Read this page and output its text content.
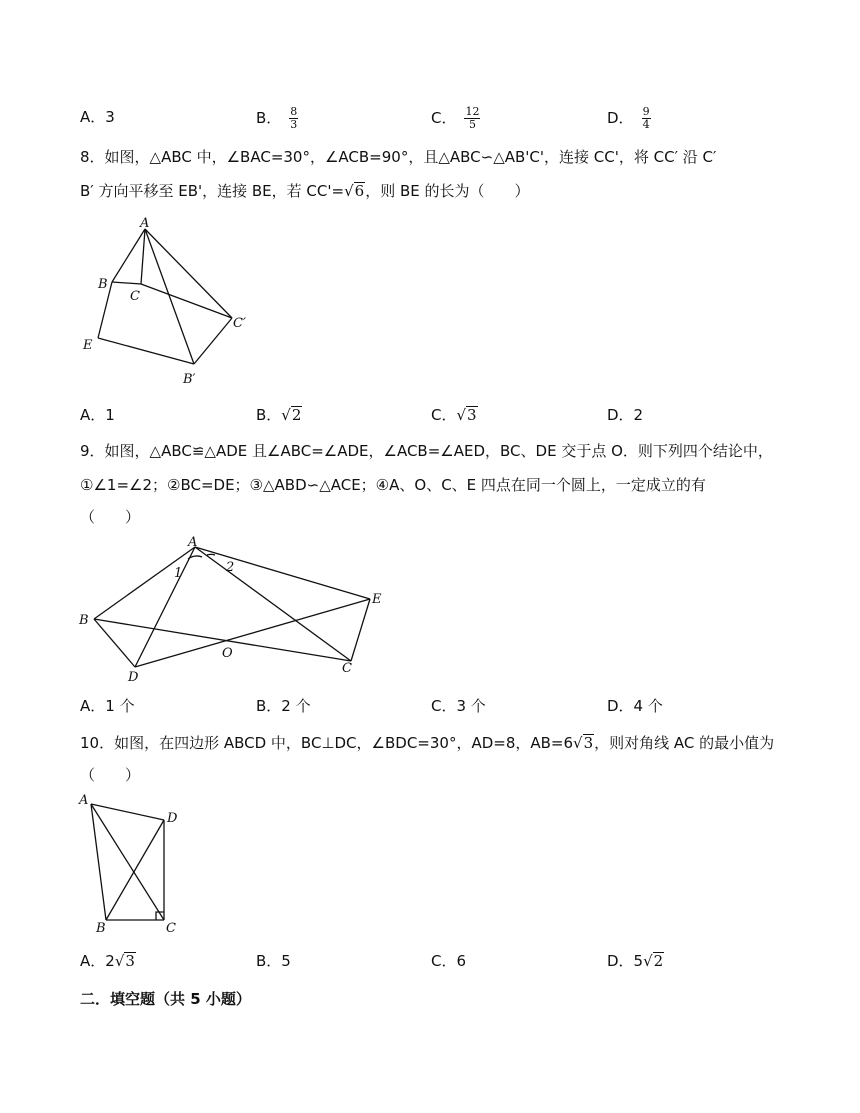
A．3	B． $\frac{8}{3}$	C． $\frac{12}{5}$	D． $\frac{9}{4}$
8．如图，△ABC 中，∠BAC=30°，∠ACB=90°，且△ABC∽△AB'C'，连接 CC'，将 CC′ 沿 C′
B′ 方向平移至 EB'，连接 BE，若 CC'=√6，则 BE 的长为（　　）
A
B
C
C′
E
B′
A．1	B．√2	C．√3	D．2
9．如图，△ABC≌△ADE 且∠ABC=∠ADE，∠ACB=∠AED，BC、DE 交于点 O．则下列四个结论中，
①∠1=∠2；②BC=DE；③△ABD∽△ACE；④A、O、C、E 四点在同一个圆上，一定成立的有
（　　）
A
B
D
O
C
E
1	2
A．1 个	B．2 个	C．3 个	D．4 个
10．如图，在四边形 ABCD 中，BC⊥DC，∠BDC=30°，AD=8，AB=6√3，则对角线 AC 的最小值为
（　　）
A
D
B	C
A．2√3	B．5	C．6	D．5√2
二．填空题（共 5 小题）
